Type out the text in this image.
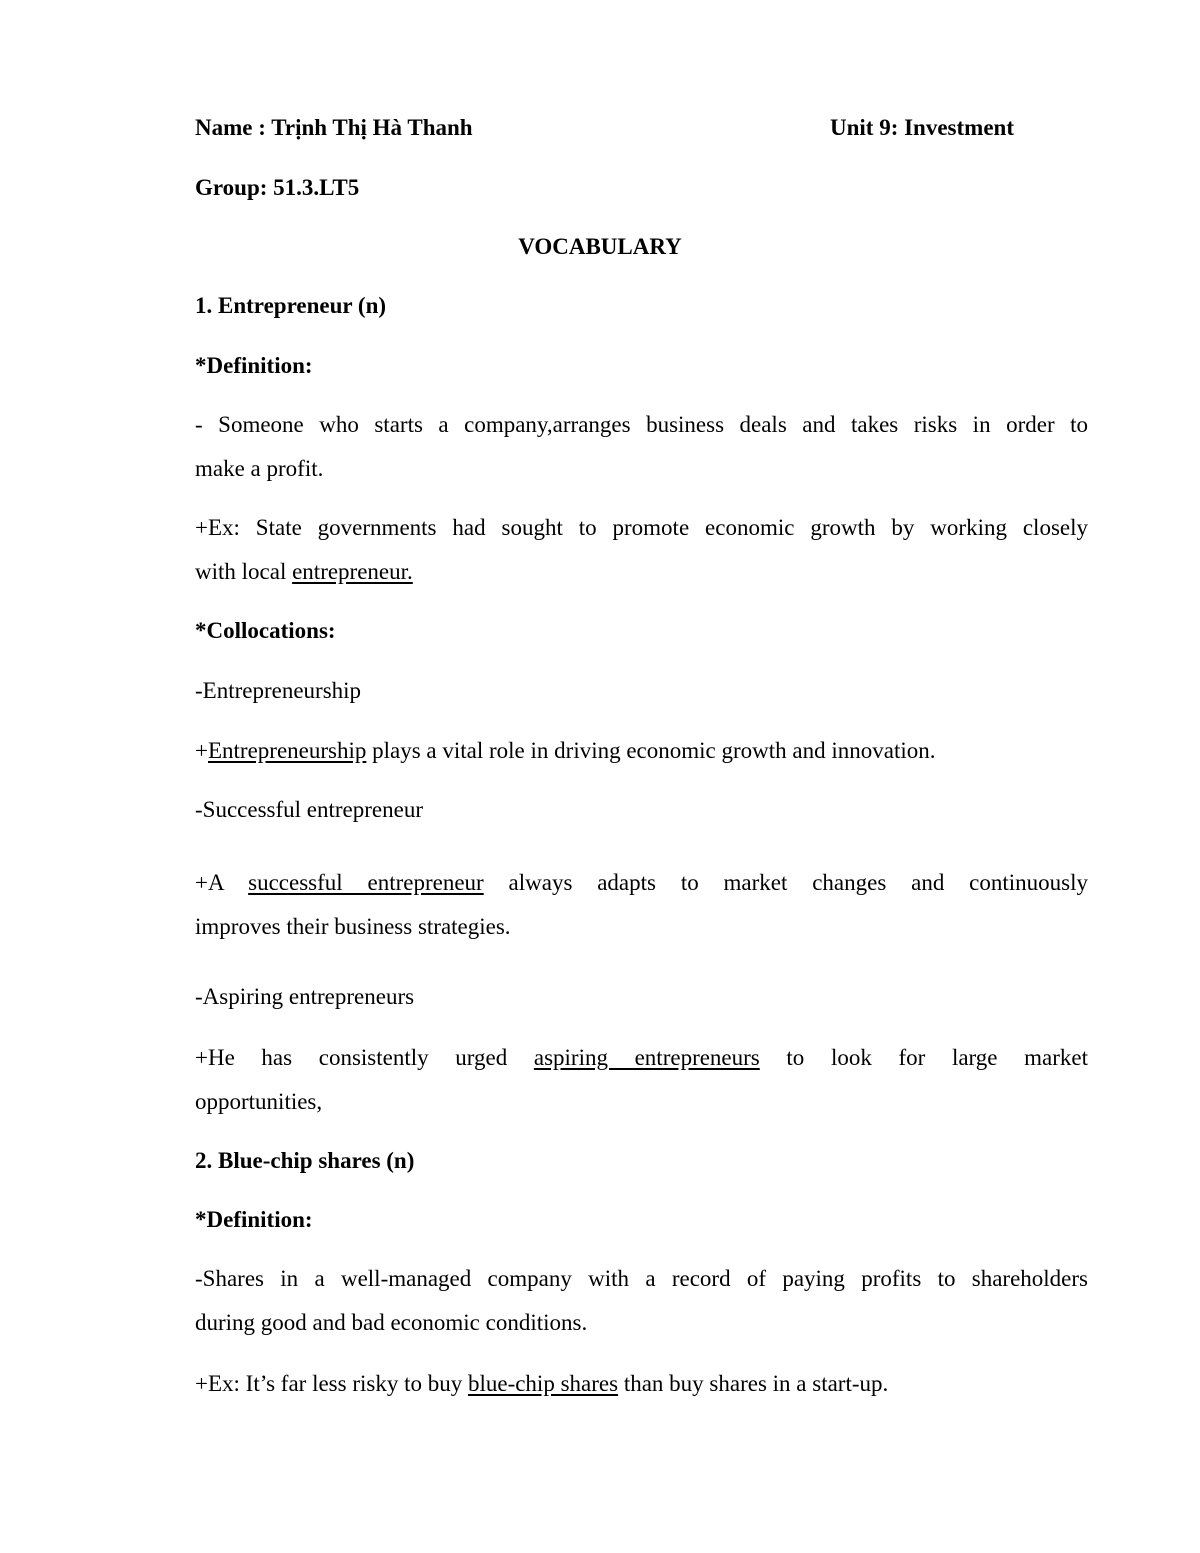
Name : Trịnh Thị Hà Thanh	Unit 9: Investment
Group: 51.3.LT5
VOCABULARY
1. Entrepreneur (n)
*Definition:
- Someone who starts a company,arranges business deals and takes risks in order to
make a profit.
+Ex: State governments had sought to promote economic growth by working closely
with local entrepreneur.
*Collocations:
-Entrepreneurship
+Entrepreneurship plays a vital role in driving economic growth and innovation.
-Successful entrepreneur
+A successful entrepreneur always adapts to market changes and continuously
improves their business strategies.
-Aspiring entrepreneurs
+He has consistently urged aspiring entrepreneurs to look for large market
opportunities,
2. Blue-chip shares (n)
*Definition:
-Shares in a well-managed company with a record of paying profits to shareholders
during good and bad economic conditions.
+Ex: It’s far less risky to buy blue-chip shares than buy shares in a start-up.
